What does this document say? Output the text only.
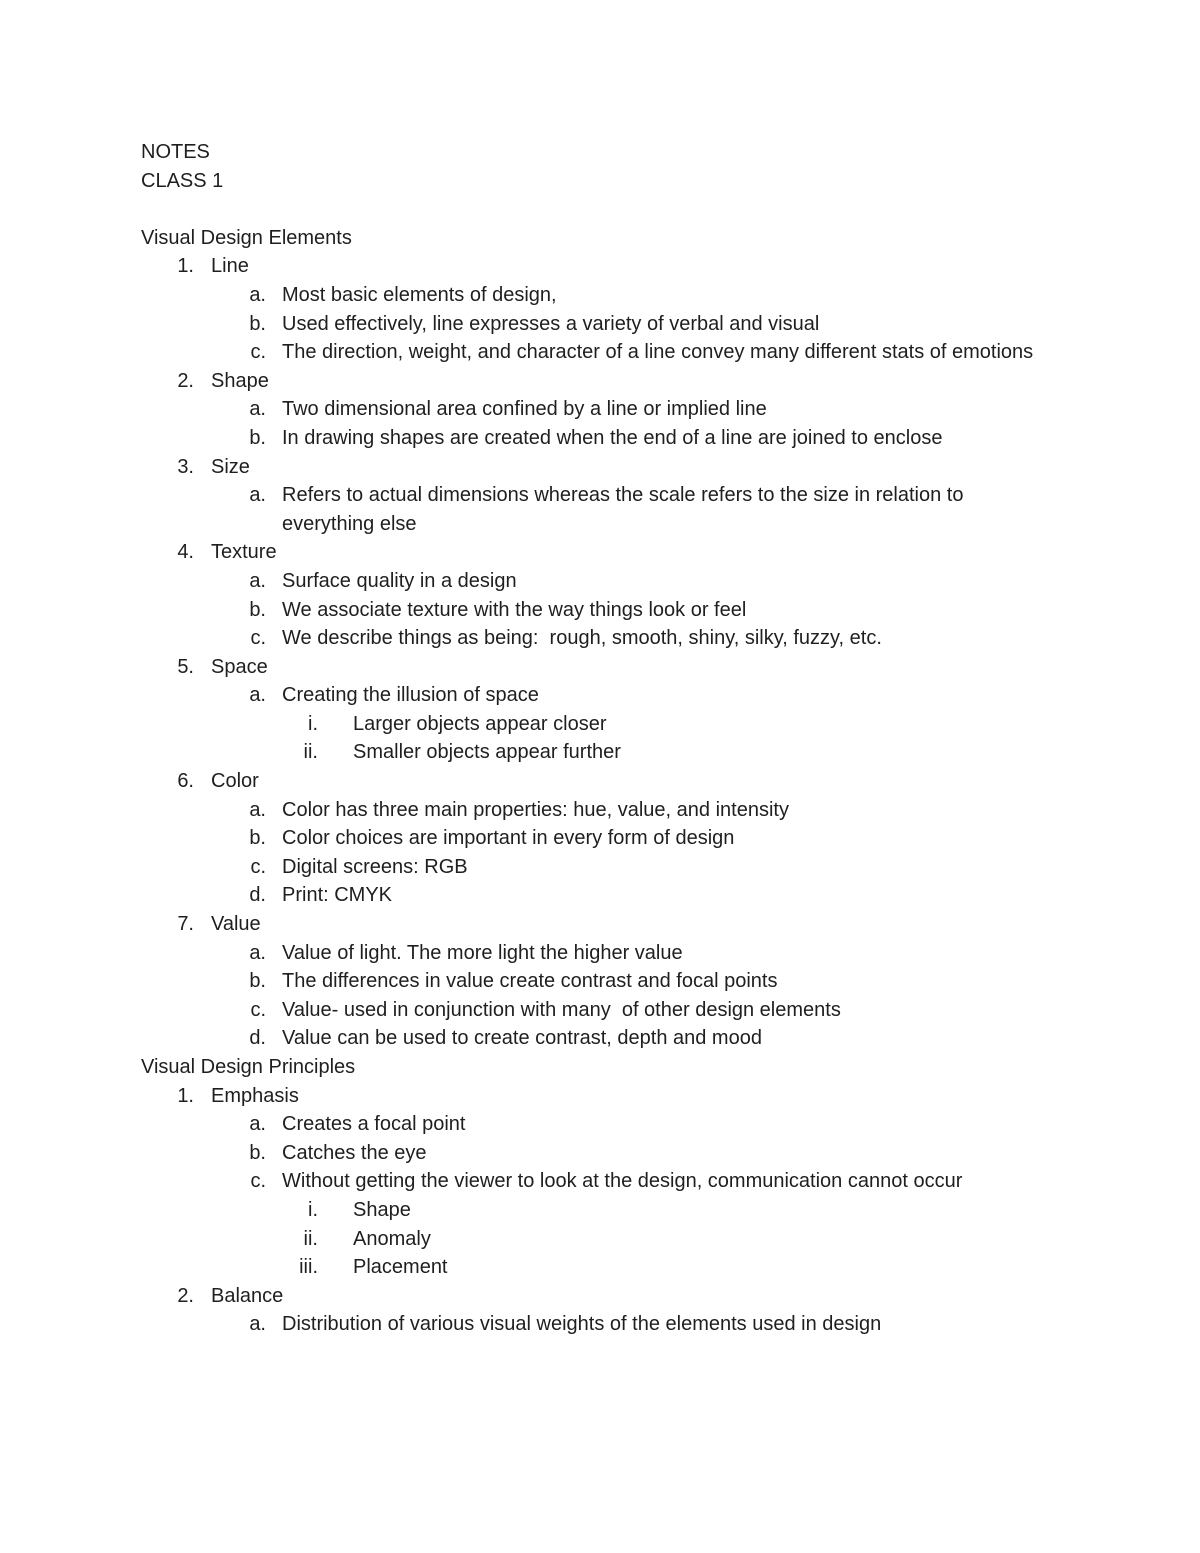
NOTES
CLASS 1
Visual Design Elements
1. Line
a. Most basic elements of design,
b. Used effectively, line expresses a variety of verbal and visual
c. The direction, weight, and character of a line convey many different stats of emotions
2. Shape
a. Two dimensional area confined by a line or implied line
b. In drawing shapes are created when the end of a line are joined to enclose
3. Size
a. Refers to actual dimensions whereas the scale refers to the size in relation to everything else
4. Texture
a. Surface quality in a design
b. We associate texture with the way things look or feel
c. We describe things as being:  rough, smooth, shiny, silky, fuzzy, etc.
5. Space
a. Creating the illusion of space
i.	Larger objects appear closer
ii.	Smaller objects appear further
6. Color
a. Color has three main properties: hue, value, and intensity
b. Color choices are important in every form of design
c. Digital screens: RGB
d. Print: CMYK
7. Value
a. Value of light. The more light the higher value
b. The differences in value create contrast and focal points
c. Value- used in conjunction with many  of other design elements
d. Value can be used to create contrast, depth and mood
Visual Design Principles
1. Emphasis
a. Creates a focal point
b. Catches the eye
c. Without getting the viewer to look at the design, communication cannot occur
i.	Shape
ii.	Anomaly
iii.	Placement
2. Balance
a. Distribution of various visual weights of the elements used in design
